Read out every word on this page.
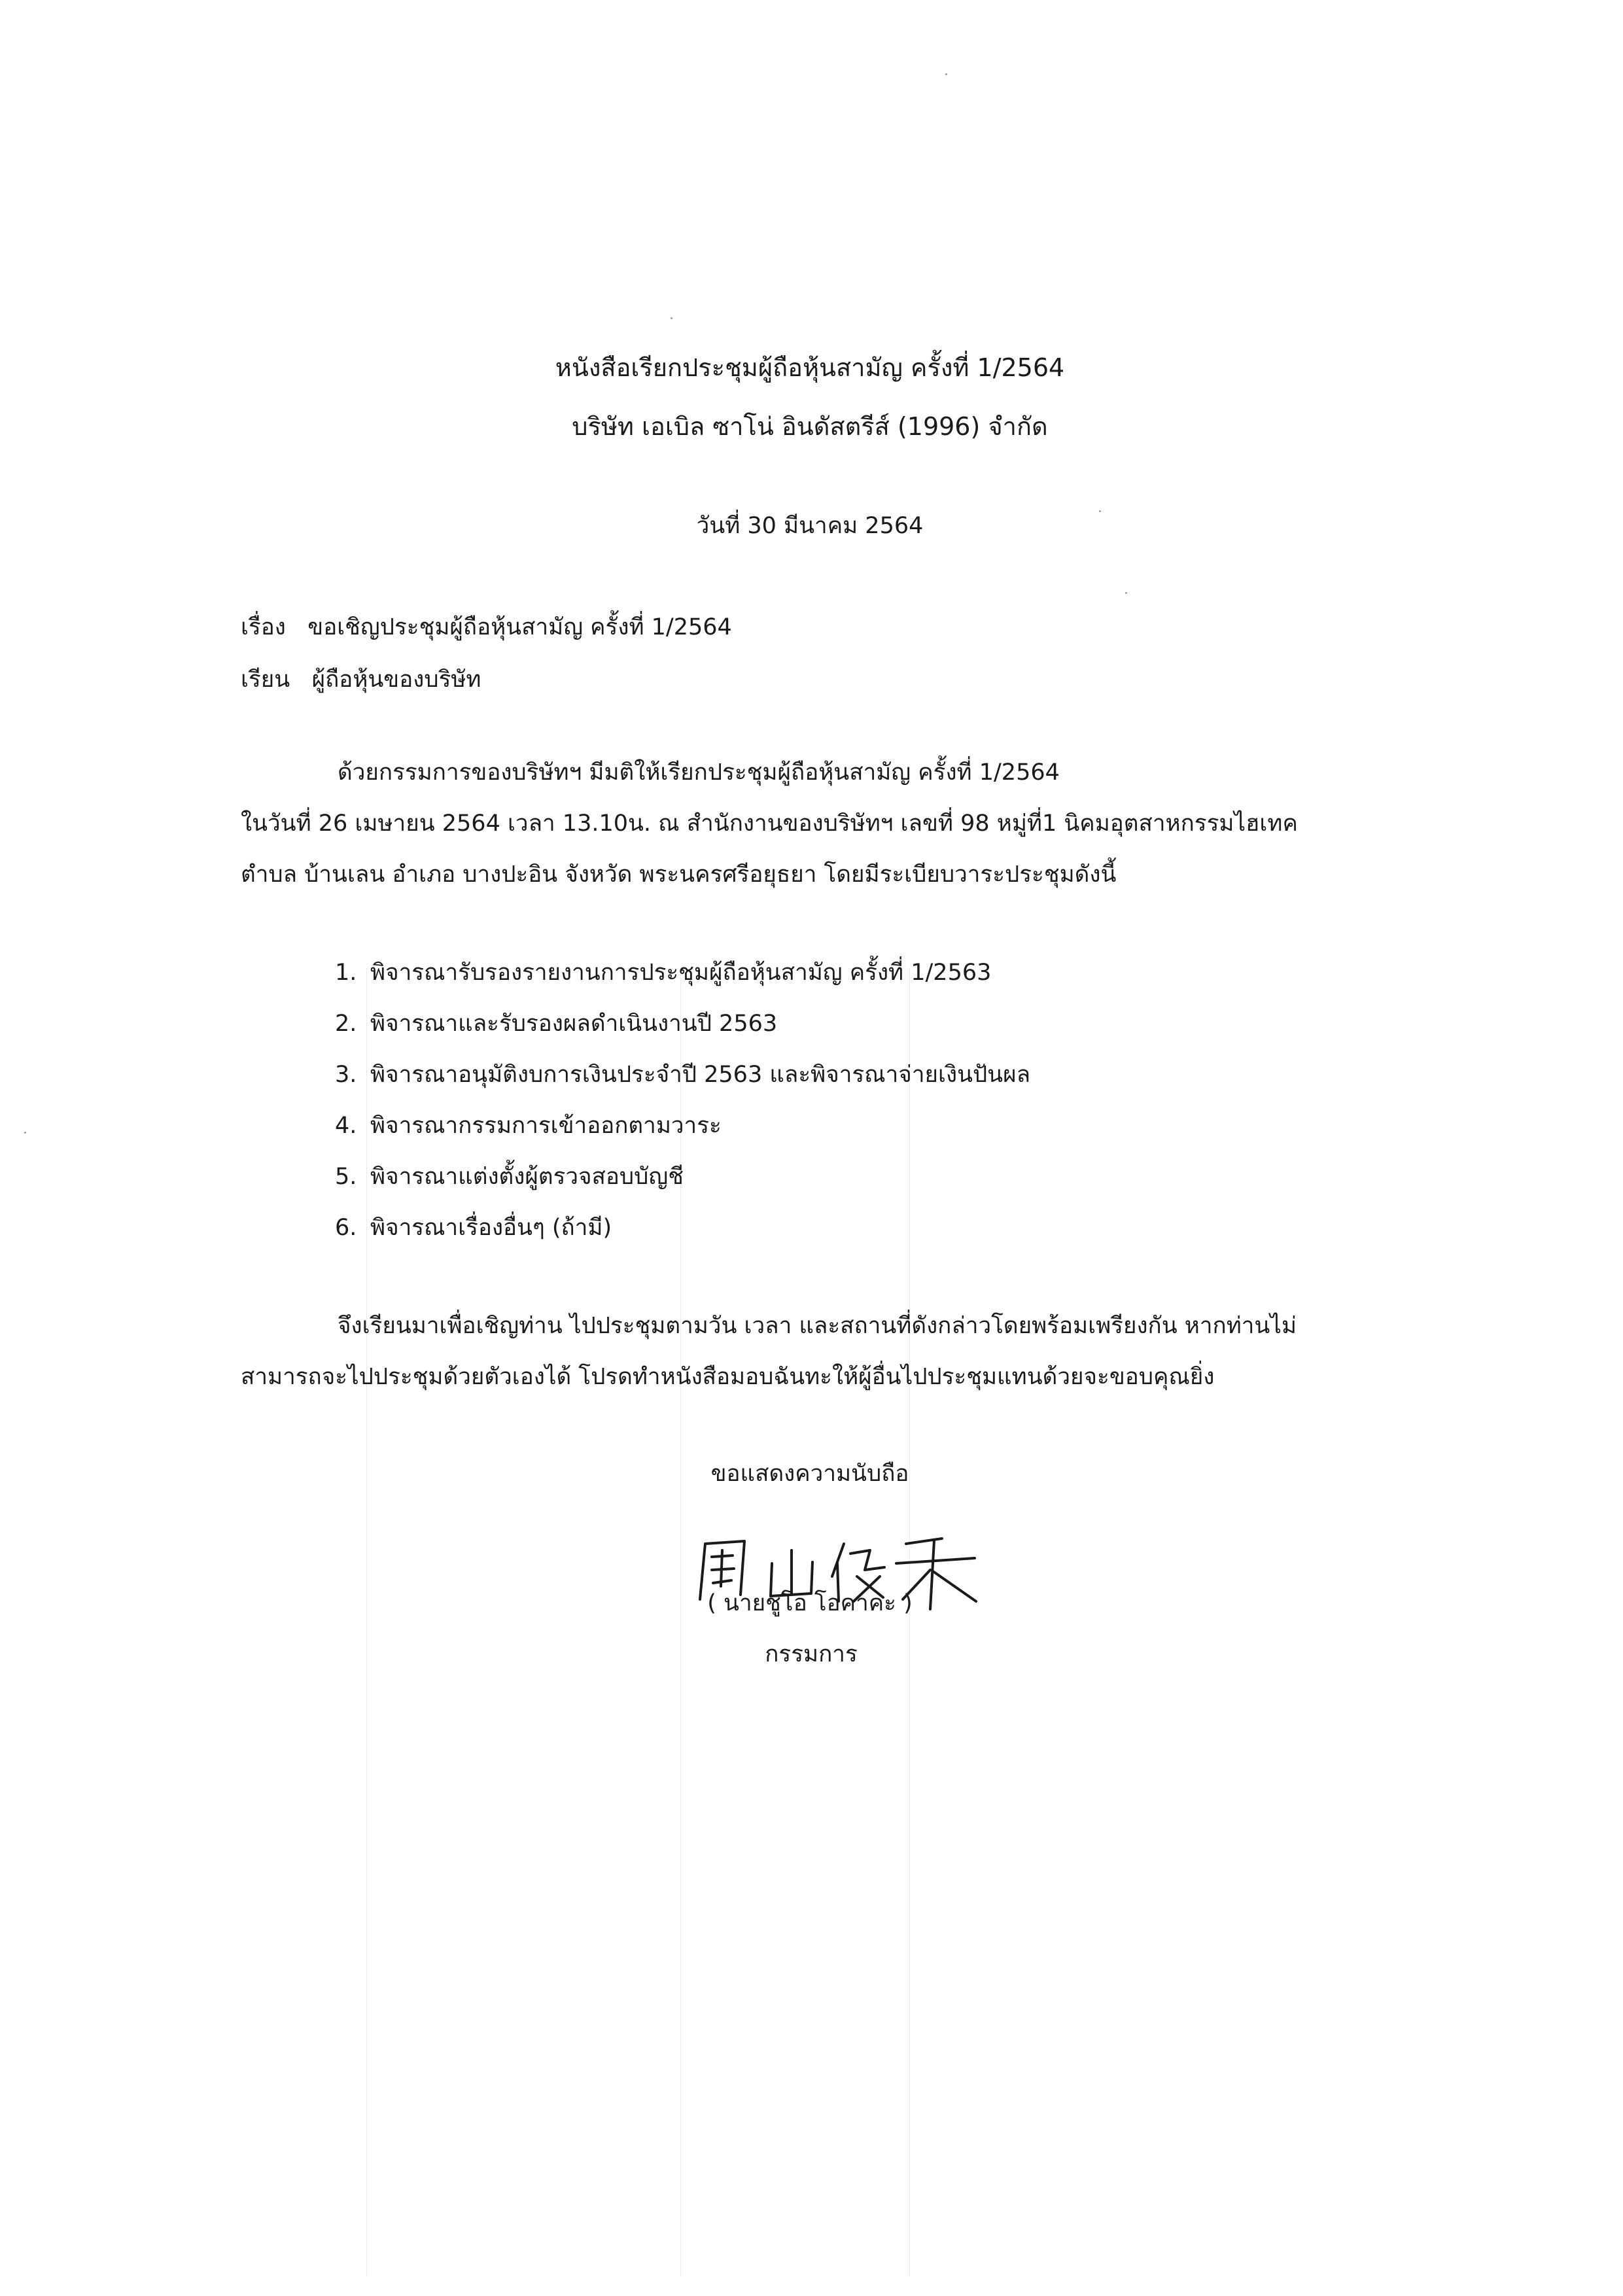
หนังสือเรียกประชุมผู้ถือหุ้นสามัญ ครั้งที่ 1/2564
บริษัท เอเบิล ซาโน่ อินดัสตรีส์ (1996) จำกัด
วันที่ 30 มีนาคม 2564
เรื่อง ขอเชิญประชุมผู้ถือหุ้นสามัญ ครั้งที่ 1/2564
เรียน ผู้ถือหุ้นของบริษัท
ด้วยกรรมการของบริษัทฯ มีมติให้เรียกประชุมผู้ถือหุ้นสามัญ ครั้งที่ 1/2564
ในวันที่ 26 เมษายน 2564 เวลา 13.10น. ณ สำนักงานของบริษัทฯ เลขที่ 98 หมู่ที่1 นิคมอุตสาหกรรมไฮเทค
ตำบล บ้านเลน อำเภอ บางปะอิน จังหวัด พระนครศรีอยุธยา โดยมีระเบียบวาระประชุมดังนี้
1. พิจารณารับรองรายงานการประชุมผู้ถือหุ้นสามัญ ครั้งที่ 1/2563
2. พิจารณาและรับรองผลดำเนินงานปี 2563
3. พิจารณาอนุมัติงบการเงินประจำปี 2563 และพิจารณาจ่ายเงินปันผล
4. พิจารณากรรมการเข้าออกตามวาระ
5. พิจารณาแต่งตั้งผู้ตรวจสอบบัญชี
6. พิจารณาเรื่องอื่นๆ (ถ้ามี)
จึงเรียนมาเพื่อเชิญท่าน ไปประชุมตามวัน เวลา และสถานที่ดังกล่าวโดยพร้อมเพรียงกัน หากท่านไม่
สามารถจะไปประชุมด้วยตัวเองได้ โปรดทำหนังสือมอบฉันทะให้ผู้อื่นไปประชุมแทนด้วยจะขอบคุณยิ่ง
ขอแสดงความนับถือ
( นายชูโอ โอคาคะ )
กรรมการ
